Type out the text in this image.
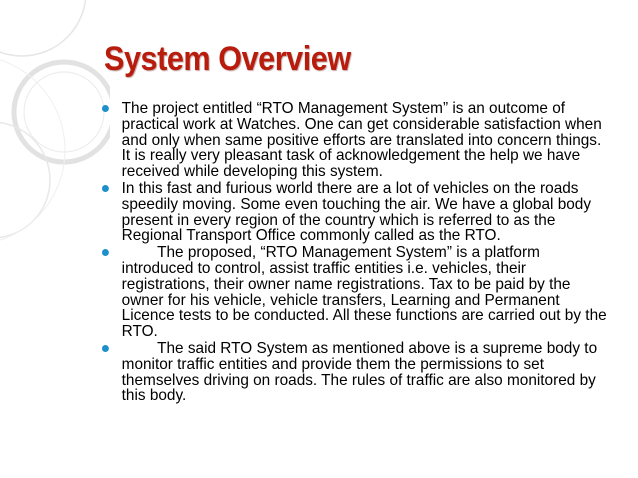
System Overview
The project entitled “RTO Management System” is an outcome of practical work at Watches. One can get considerable satisfaction when and only when same positive efforts are translated into concern things. It is really very pleasant task of acknowledgement the help we have received while developing this system.
In this fast and furious world there are a lot of vehicles on the roads speedily moving. Some even touching the air. We have a global body present in every region of the country which is referred to as the Regional Transport Office commonly called as the RTO.
The proposed, “RTO Management System” is a platform introduced to control, assist traffic entities i.e. vehicles, their registrations, their owner name registrations. Tax to be paid by the owner for his vehicle, vehicle transfers, Learning and Permanent Licence tests to be conducted. All these functions are carried out by the RTO.
The said RTO System as mentioned above is a supreme body to monitor traffic entities and provide them the permissions to set themselves driving on roads. The rules of traffic are also monitored by this body.
